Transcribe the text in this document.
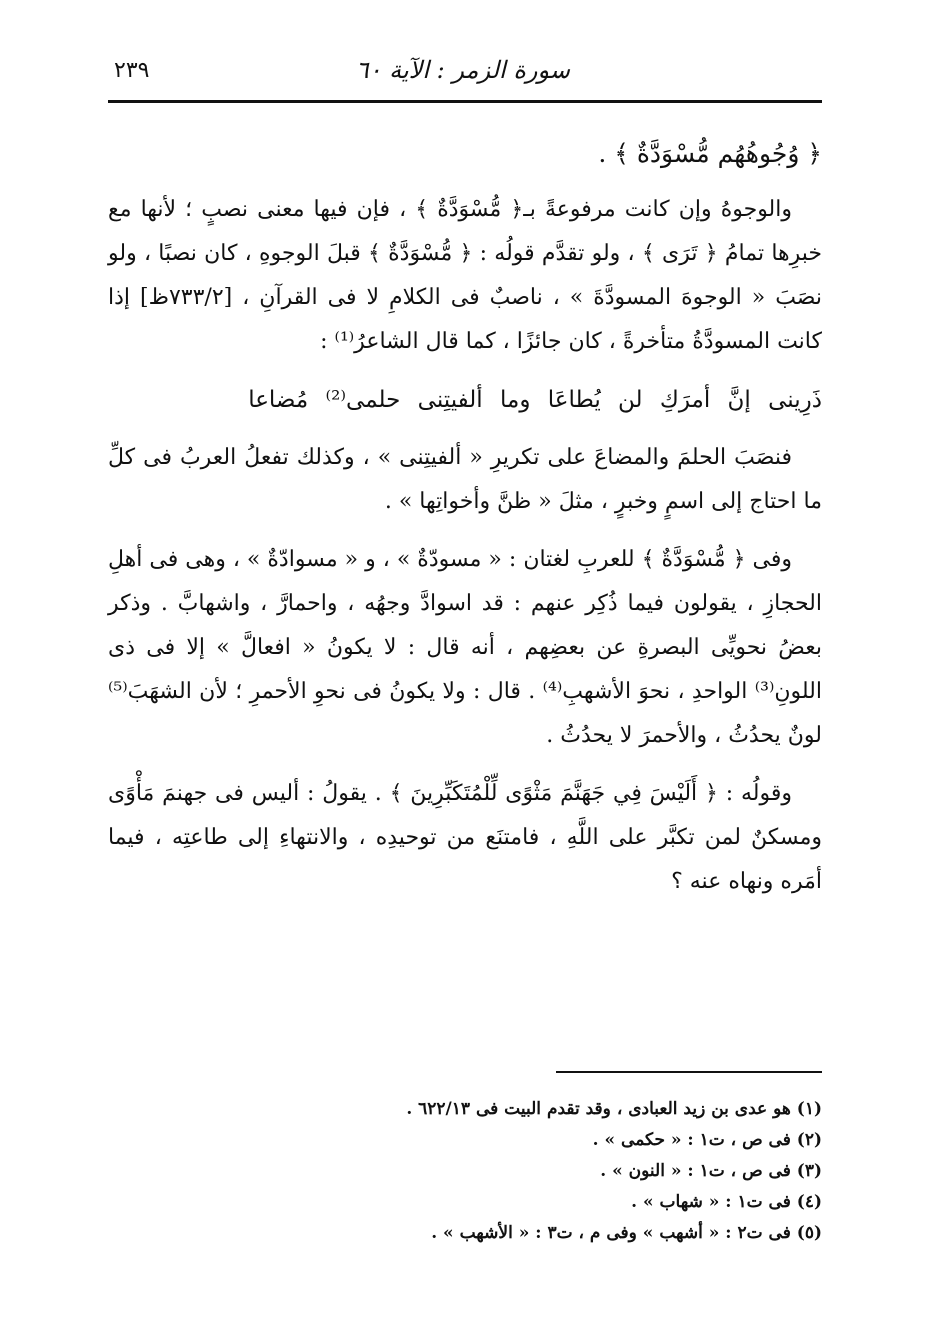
سورة الزمر : الآية ٦٠
٢٣٩

﴿ وُجُوهُهُم مُّسْوَدَّةٌ ﴾ .

والوجوهُ وإن كانت مرفوعةً بـ﴿ مُّسْوَدَّةٌ ﴾ ، فإن فيها معنى نصبٍ ؛ لأنها مع خبرِها تمامُ ﴿ تَرَى ﴾ ، ولو تقدَّم قولُه : ﴿ مُّسْوَدَّةٌ ﴾ قبلَ الوجوهِ ، كان نصبًا ، ولو نصَبَ « الوجوهَ المسودَّةَ » ، ناصبٌ فى الكلامِ لا فى القرآنِ ، [٧٣٣/٢ظ] إذا كانت المسودَّةُ متأخرةً ، كان جائزًا ، كما قال الشاعرُ⁽¹⁾ :

ذَرِينى إنَّ أمرَكِ لن يُطاعَا وما ألفيتِنى حلمى⁽²⁾ مُضاعا

فنصَبَ الحلمَ والمضاعَ على تكريرِ « ألفيتِنى » ، وكذلك تفعلُ العربُ فى كلِّ ما احتاج إلى اسمٍ وخبرٍ ، مثلَ « ظنَّ وأخواتِها » .

وفى ﴿ مُّسْوَدَّةٌ ﴾ للعربِ لغتان : « مسودّةٌ » ، و « مسوادّةٌ » ، وهى فى أهلِ الحجازِ ، يقولون فيما ذُكِر عنهم : قد اسوادَّ وجهُه ، واحمارَّ ، واشهابَّ . وذكر بعضُ نحويِّى البصرةِ عن بعضِهم ، أنه قال : لا يكونُ « افعالَّ » إلا فى ذى اللونِ⁽³⁾ الواحدِ ، نحوَ الأشهبِ⁽⁴⁾ . قال : ولا يكونُ فى نحوِ الأحمرِ ؛ لأن الشهَبَ⁽⁵⁾ لونٌ يحدُثُ ، والأحمرَ لا يحدُثُ .

وقولُه : ﴿ أَلَيْسَ فِي جَهَنَّمَ مَثْوًى لِّلْمُتَكَبِّرِينَ ﴾ . يقولُ : أليس فى جهنمَ مَأْوًى ومسكنٌ لمن تكبَّر على اللَّهِ ، فامتنَع من توحيدِه ، والانتهاءِ إلى طاعتِه ، فيما أمَره ونهاه عنه ؟

(١) هو عدى بن زيد العبادى ، وقد تقدم البيت فى ٦٢٢/١٣ .
(٢) فى ص ، ت١ : « حكمى » .
(٣) فى ص ، ت١ : « النون » .
(٤) فى ت١ : « شهاب » .
(٥) فى ت٢ : « أشهب » وفى م ، ت٣ : « الأشهب » .
